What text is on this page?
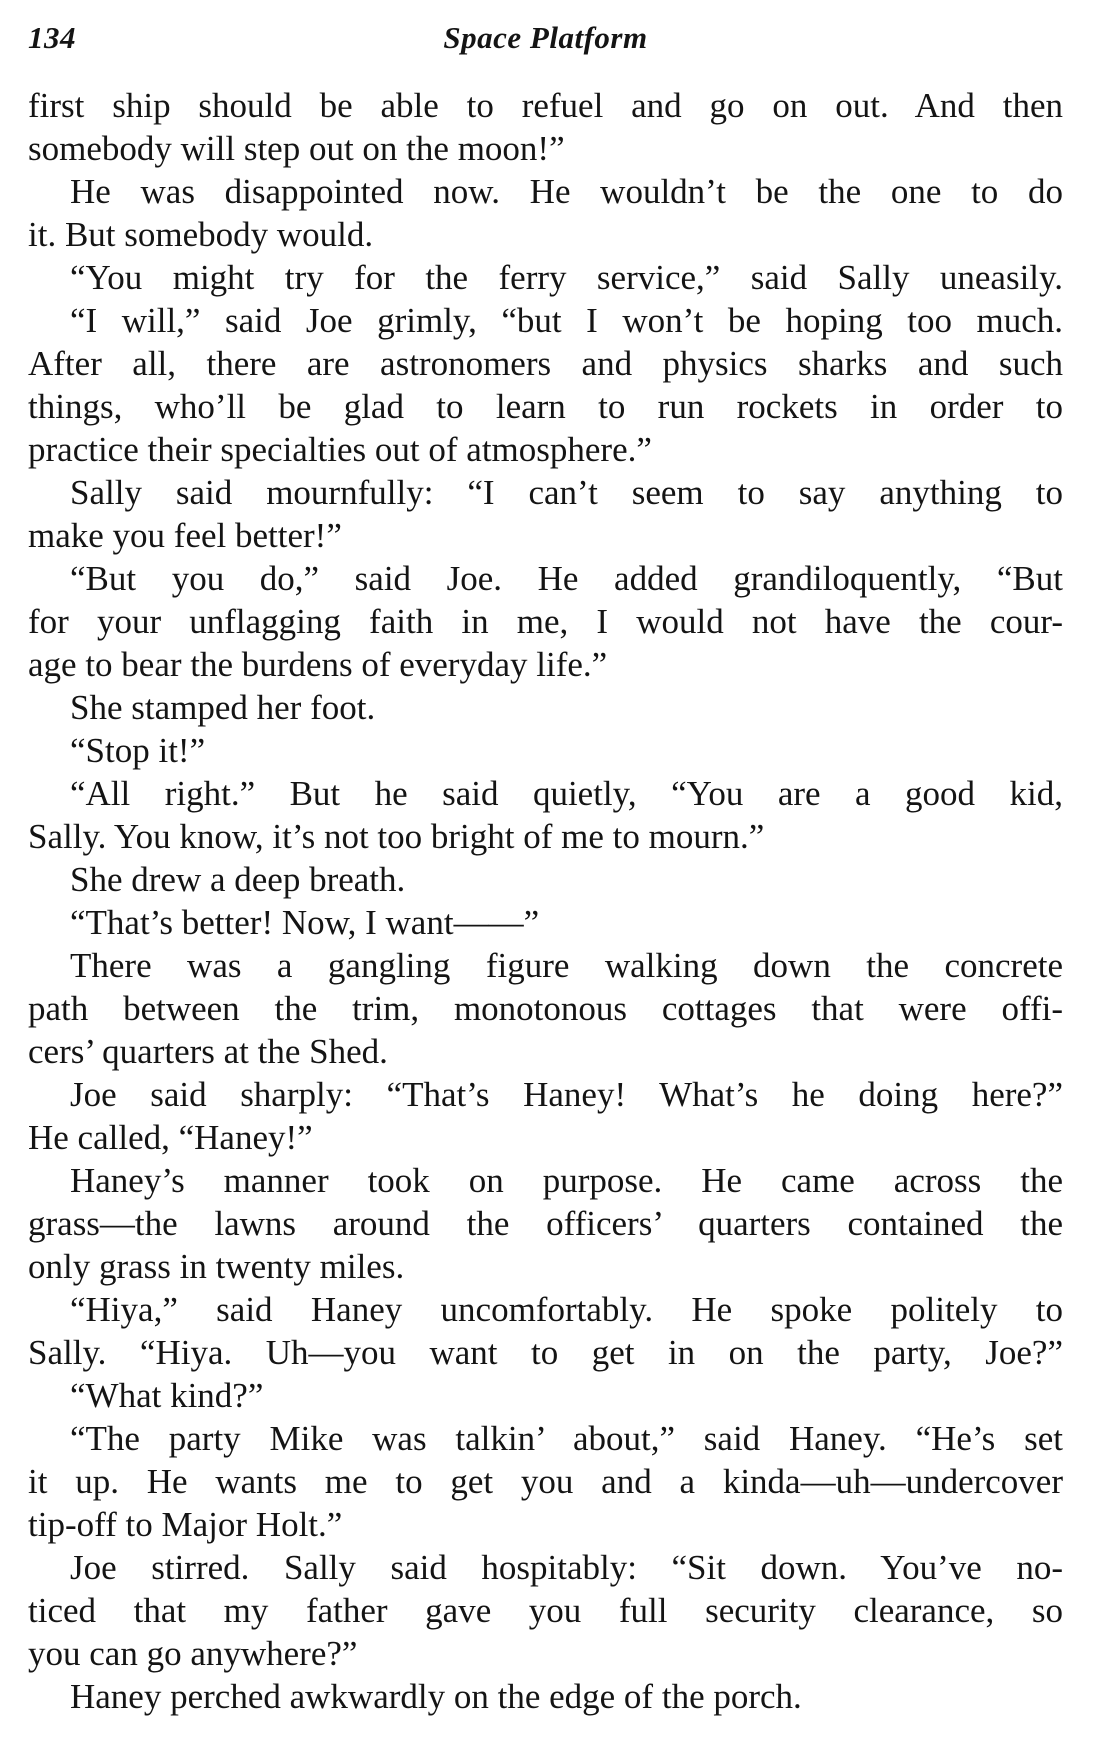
134	Space Platform
first ship should be able to refuel and go on out. And then
somebody will step out on the moon!”
He was disappointed now. He wouldn’t be the one to do
it. But somebody would.
“You might try for the ferry service,” said Sally uneasily.
“I will,” said Joe grimly, “but I won’t be hoping too much.
After all, there are astronomers and physics sharks and such
things, who’ll be glad to learn to run rockets in order to
practice their specialties out of atmosphere.”
Sally said mournfully: “I can’t seem to say anything to
make you feel better!”
“But you do,” said Joe. He added grandiloquently, “But
for your unflagging faith in me, I would not have the cour-
age to bear the burdens of everyday life.”
She stamped her foot.
“Stop it!”
“All right.” But he said quietly, “You are a good kid,
Sally. You know, it’s not too bright of me to mourn.”
She drew a deep breath.
“That’s better! Now, I want——”
There was a gangling figure walking down the concrete
path between the trim, monotonous cottages that were offi-
cers’ quarters at the Shed.
Joe said sharply: “That’s Haney! What’s he doing here?”
He called, “Haney!”
Haney’s manner took on purpose. He came across the
grass—the lawns around the officers’ quarters contained the
only grass in twenty miles.
“Hiya,” said Haney uncomfortably. He spoke politely to
Sally. “Hiya. Uh—you want to get in on the party, Joe?”
“What kind?”
“The party Mike was talkin’ about,” said Haney. “He’s set
it up. He wants me to get you and a kinda—uh—undercover
tip-off to Major Holt.”
Joe stirred. Sally said hospitably: “Sit down. You’ve no-
ticed that my father gave you full security clearance, so
you can go anywhere?”
Haney perched awkwardly on the edge of the porch.
